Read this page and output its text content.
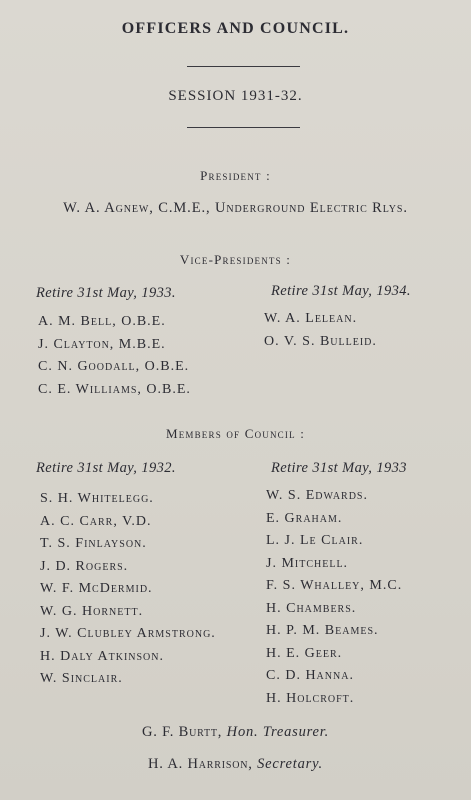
OFFICERS AND COUNCIL.
SESSION 1931-32.
President :
W. A. Agnew, C.M.E., Underground Electric Rlys.
Vice-Presidents :
Retire 31st May, 1933.	Retire 31st May, 1934.
A. M. Bell, O.B.E.
J. Clayton, M.B.E.
C. N. Goodall, O.B.E.
C. E. Williams, O.B.E.
W. A. Lelean.
O. V. S. Bulleid.
Members of Council :
Retire 31st May, 1932.	Retire 31st May, 1933
S. H. Whitelegg.
A. C. Carr, V.D.
T. S. Finlayson.
J. D. Rogers.
W. F. McDermid.
W. G. Hornett.
J. W. Clubley Armstrong.
H. Daly Atkinson.
W. Sinclair.
W. S. Edwards.
E. Graham.
L. J. Le Clair.
J. Mitchell.
F. S. Whalley, M.C.
H. Chambers.
H. P. M. Beames.
H. E. Geer.
C. D. Hanna.
H. Holcroft.
G. F. Burtt, Hon. Treasurer.
H. A. Harrison, Secretary.
